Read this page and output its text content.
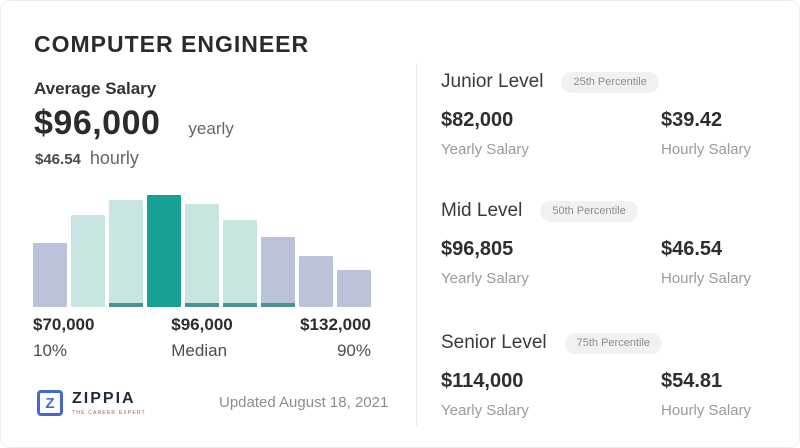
COMPUTER ENGINEER
Average Salary
$96,000 yearly
$46.54 hourly
$70,000
10%
$96,000
Median
$132,000
90%
Junior Level	25th Percentile
$82,000
Yearly Salary
$39.42
Hourly Salary
Mid Level	50th Percentile
$96,805
Yearly Salary
$46.54
Hourly Salary
Senior Level	75th Percentile
$114,000
Yearly Salary
$54.81
Hourly Salary
Z ZIPPIA
THE CAREER EXPERT
Updated August 18, 2021
